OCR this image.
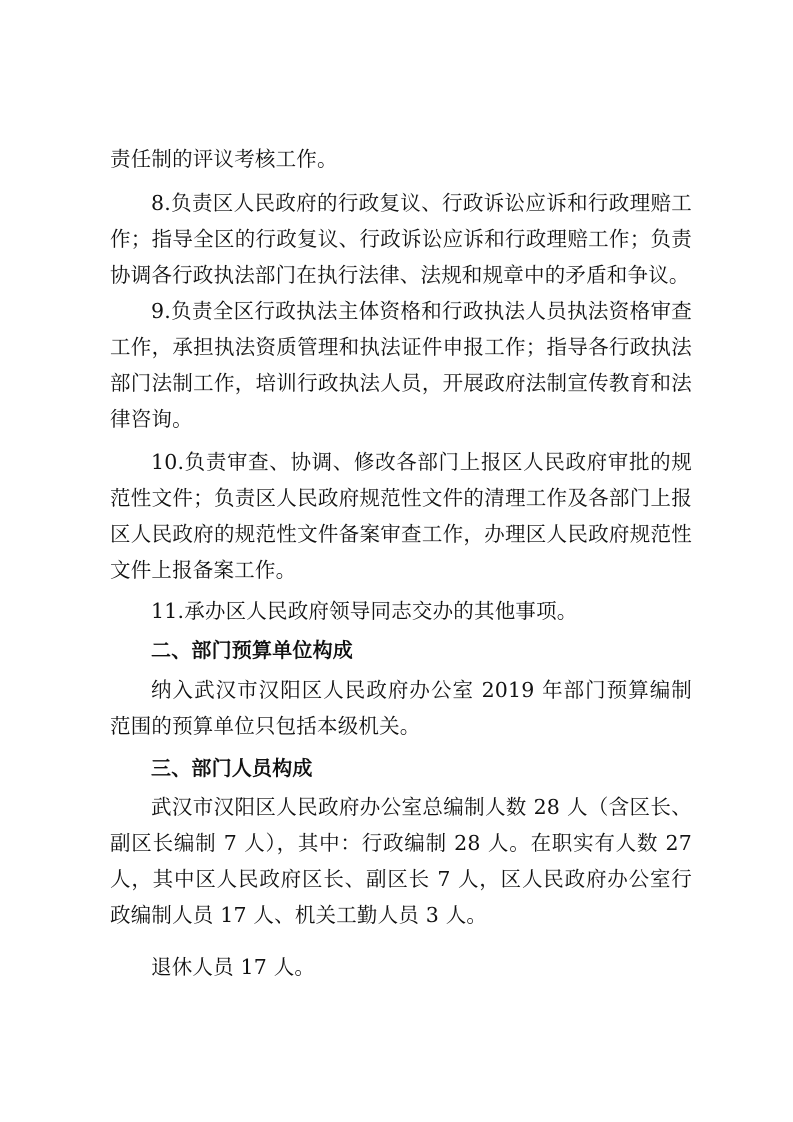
责任制的评议考核工作。

8.负责区人民政府的行政复议、行政诉讼应诉和行政理赔工作；指导全区的行政复议、行政诉讼应诉和行政理赔工作；负责协调各行政执法部门在执行法律、法规和规章中的矛盾和争议。

9.负责全区行政执法主体资格和行政执法人员执法资格审查工作，承担执法资质管理和执法证件申报工作；指导各行政执法部门法制工作，培训行政执法人员，开展政府法制宣传教育和法律咨询。

10.负责审查、协调、修改各部门上报区人民政府审批的规范性文件；负责区人民政府规范性文件的清理工作及各部门上报区人民政府的规范性文件备案审查工作，办理区人民政府规范性文件上报备案工作。

11.承办区人民政府领导同志交办的其他事项。

二、部门预算单位构成

纳入武汉市汉阳区人民政府办公室 2019 年部门预算编制范围的预算单位只包括本级机关。

三、部门人员构成

武汉市汉阳区人民政府办公室总编制人数 28 人（含区长、副区长编制 7 人），其中：行政编制 28 人。在职实有人数 27 人，其中区人民政府区长、副区长 7 人，区人民政府办公室行政编制人员 17 人、机关工勤人员 3 人。

退休人员 17 人。
